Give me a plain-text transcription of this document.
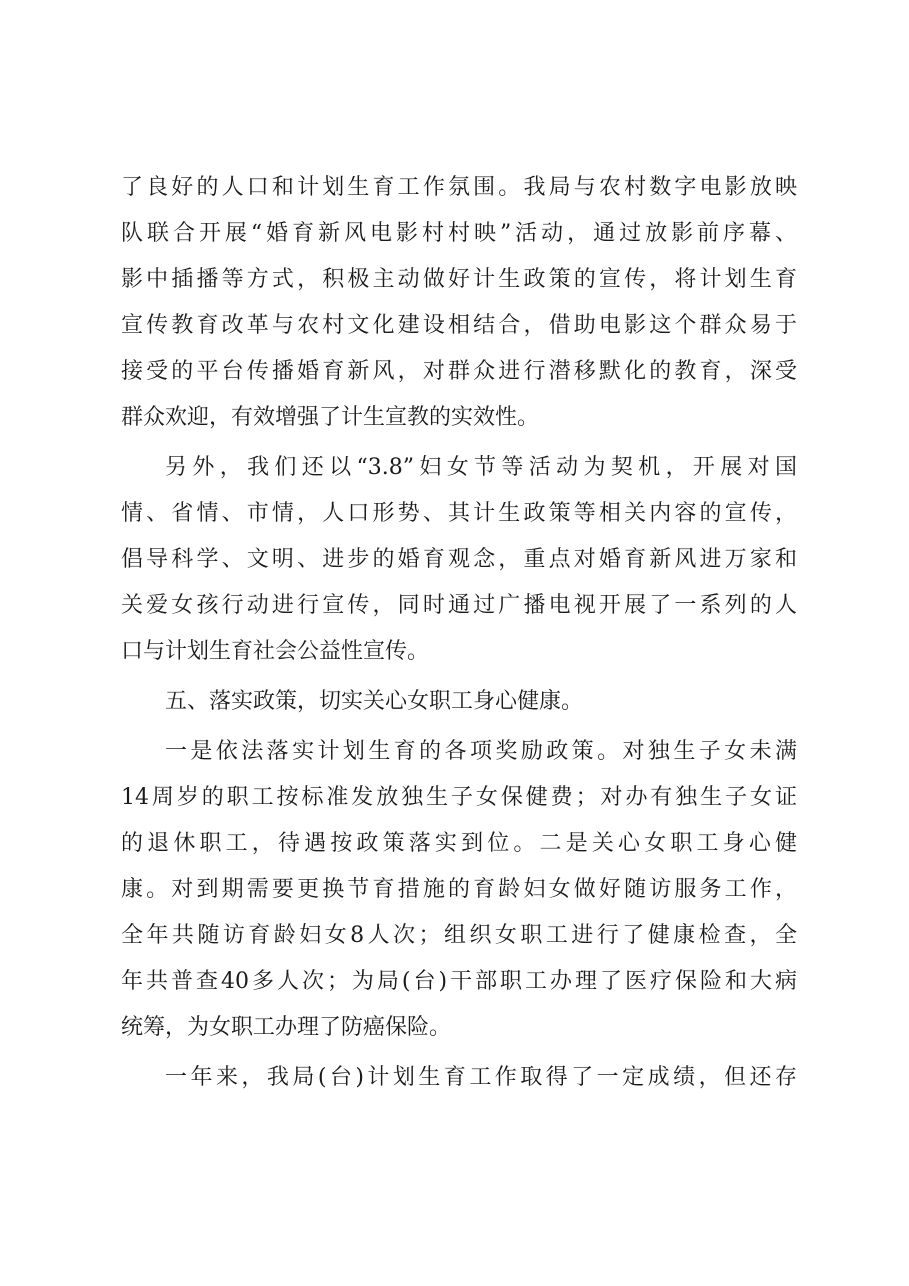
了良好的人口和计划生育工作氛围。我局与农村数字电影放映
队联合开展“婚育新风电影村村映”活动，通过放影前序幕、
影中插播等方式，积极主动做好计生政策的宣传，将计划生育
宣传教育改革与农村文化建设相结合，借助电影这个群众易于
接受的平台传播婚育新风，对群众进行潜移默化的教育，深受
群众欢迎，有效增强了计生宣教的实效性。
另外，我们还以“3.8”妇女节等活动为契机，开展对国
情、省情、市情，人口形势、其计生政策等相关内容的宣传，
倡导科学、文明、进步的婚育观念，重点对婚育新风进万家和
关爱女孩行动进行宣传，同时通过广播电视开展了一系列的人
口与计划生育社会公益性宣传。
五、落实政策，切实关心女职工身心健康。
一是依法落实计划生育的各项奖励政策。对独生子女未满
14周岁的职工按标准发放独生子女保健费；对办有独生子女证
的退休职工，待遇按政策落实到位。二是关心女职工身心健
康。对到期需要更换节育措施的育龄妇女做好随访服务工作，
全年共随访育龄妇女8人次；组织女职工进行了健康检查，全
年共普查40多人次；为局(台)干部职工办理了医疗保险和大病
统筹，为女职工办理了防癌保险。
一年来，我局(台)计划生育工作取得了一定成绩，但还存
